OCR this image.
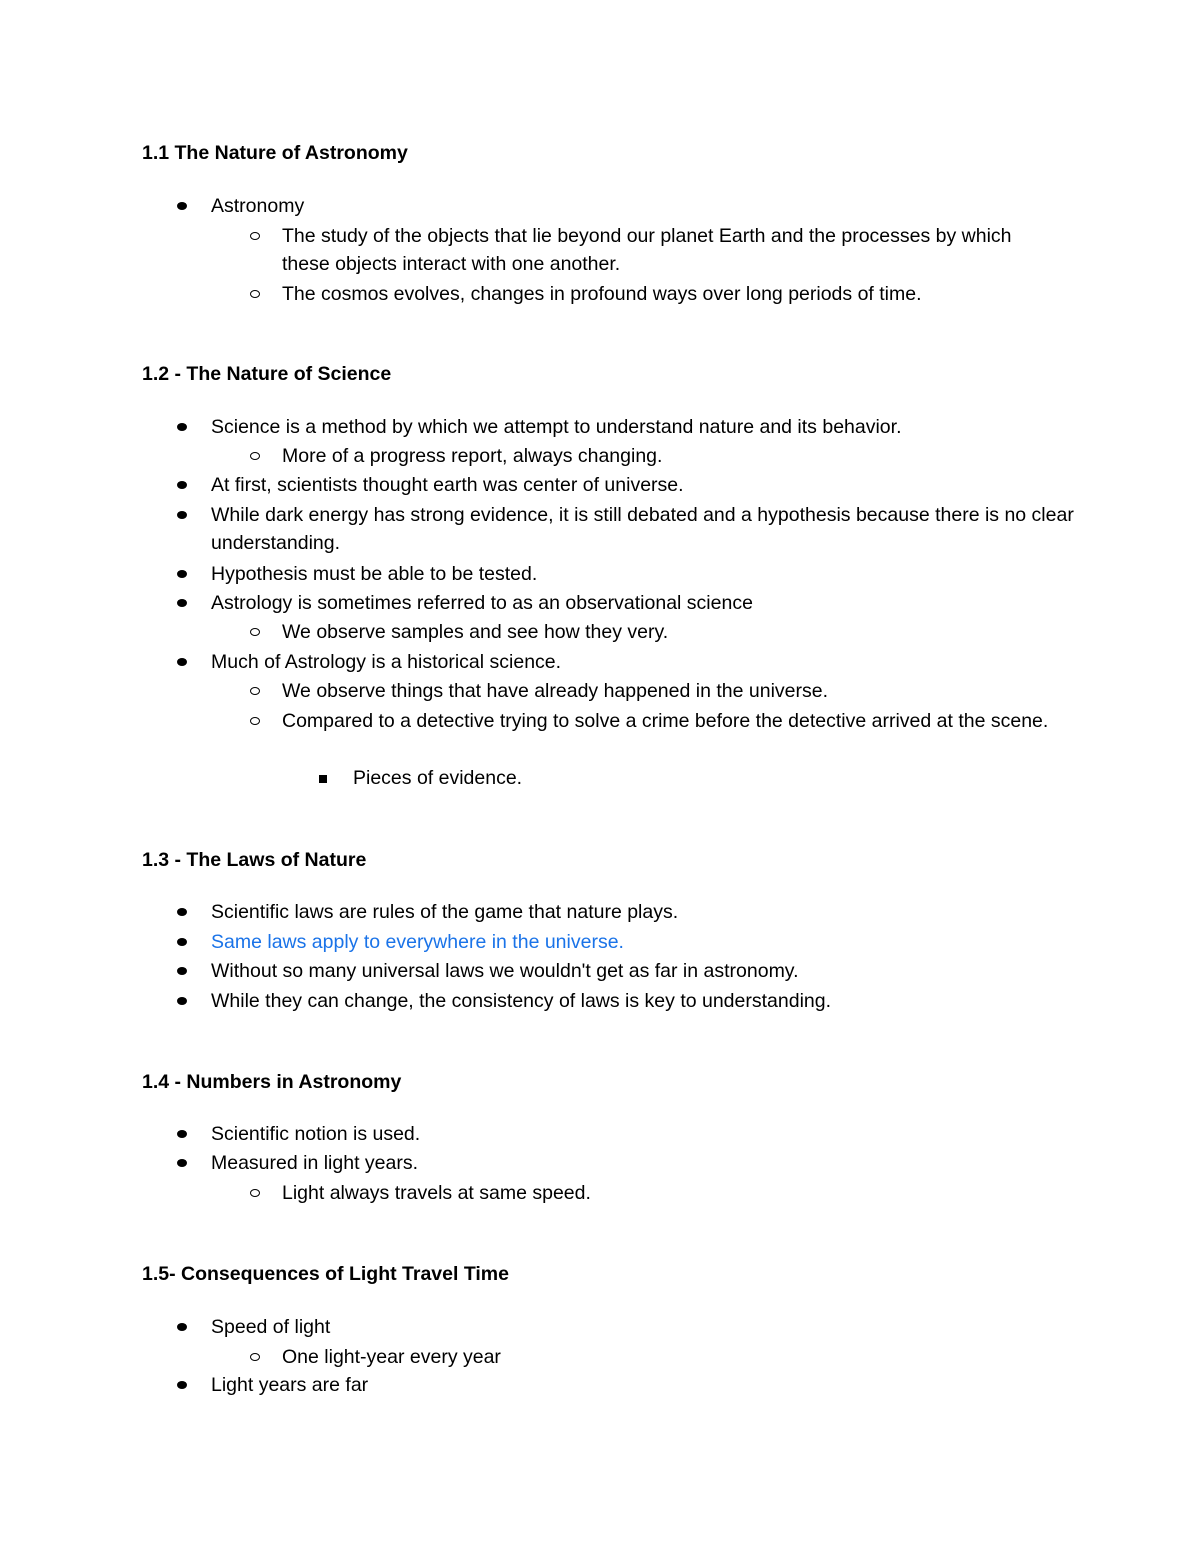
1.1 The Nature of Astronomy
Astronomy
The study of the objects that lie beyond our planet Earth and the processes by which these objects interact with one another.
The cosmos evolves, changes in profound ways over long periods of time.
1.2 - The Nature of Science
Science is a method by which we attempt to understand nature and its behavior.
More of a progress report, always changing.
At first, scientists thought earth was center of universe.
While dark energy has strong evidence, it is still debated and a hypothesis because there is no clear understanding.
Hypothesis must be able to be tested.
Astrology is sometimes referred to as an observational science
We observe samples and see how they very.
Much of Astrology is a historical science.
We observe things that have already happened in the universe.
Compared to a detective trying to solve a crime before the detective arrived at the scene.
Pieces of evidence.
1.3 - The Laws of Nature
Scientific laws are rules of the game that nature plays.
Same laws apply to everywhere in the universe.
Without so many universal laws we wouldn't get as far in astronomy.
While they can change, the consistency of laws is key to understanding.
1.4 - Numbers in Astronomy
Scientific notion is used.
Measured in light years.
Light always travels at same speed.
1.5- Consequences of Light Travel Time
Speed of light
One light-year every year
Light years are far
